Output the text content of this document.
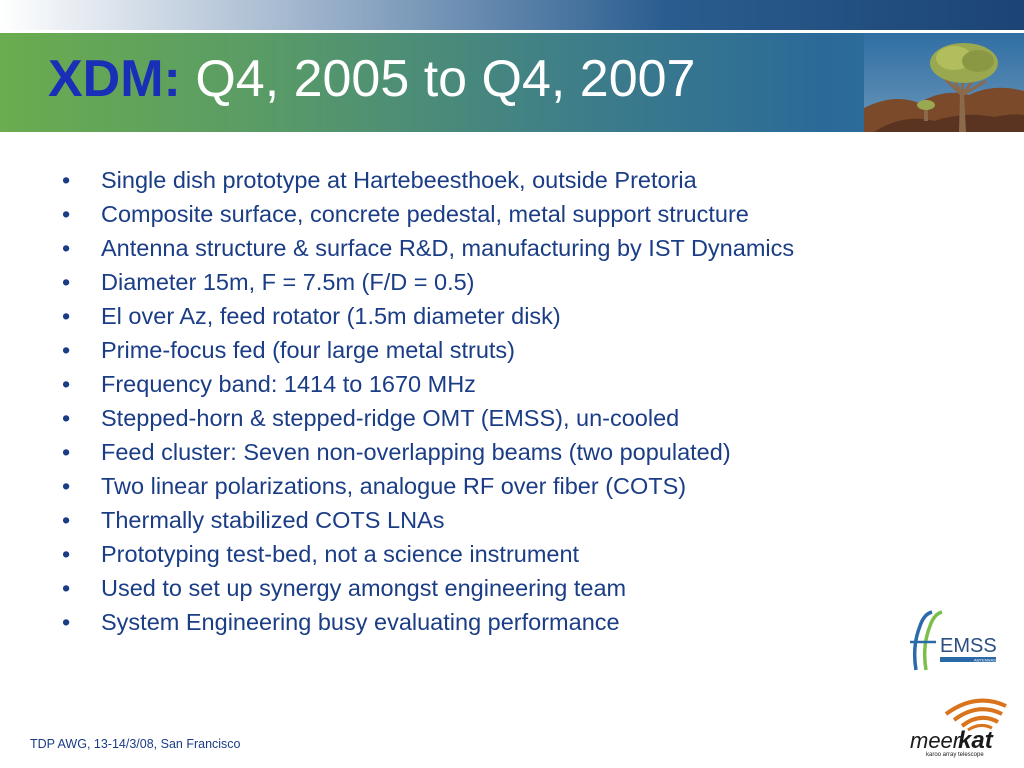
XDM: Q4, 2005 to Q4, 2007
• Single dish prototype at Hartebeesthoek, outside Pretoria
• Composite surface, concrete pedestal, metal support structure
• Antenna structure & surface R&D, manufacturing by IST Dynamics
• Diameter 15m, F = 7.5m (F/D = 0.5)
• El over Az, feed rotator (1.5m diameter disk)
• Prime-focus fed (four large metal struts)
• Frequency band: 1414 to 1670 MHz
• Stepped-horn & stepped-ridge OMT (EMSS), un-cooled
• Feed cluster: Seven non-overlapping beams (two populated)
• Two linear polarizations, analogue RF over fiber (COTS)
• Thermally stabilized COTS LNAs
• Prototyping test-bed, not a science instrument
• Used to set up synergy amongst engineering team
• System Engineering busy evaluating performance
EMSS
ANTENNAS
meer
kat
karoo array telescope
TDP AWG, 13-14/3/08, San Francisco
